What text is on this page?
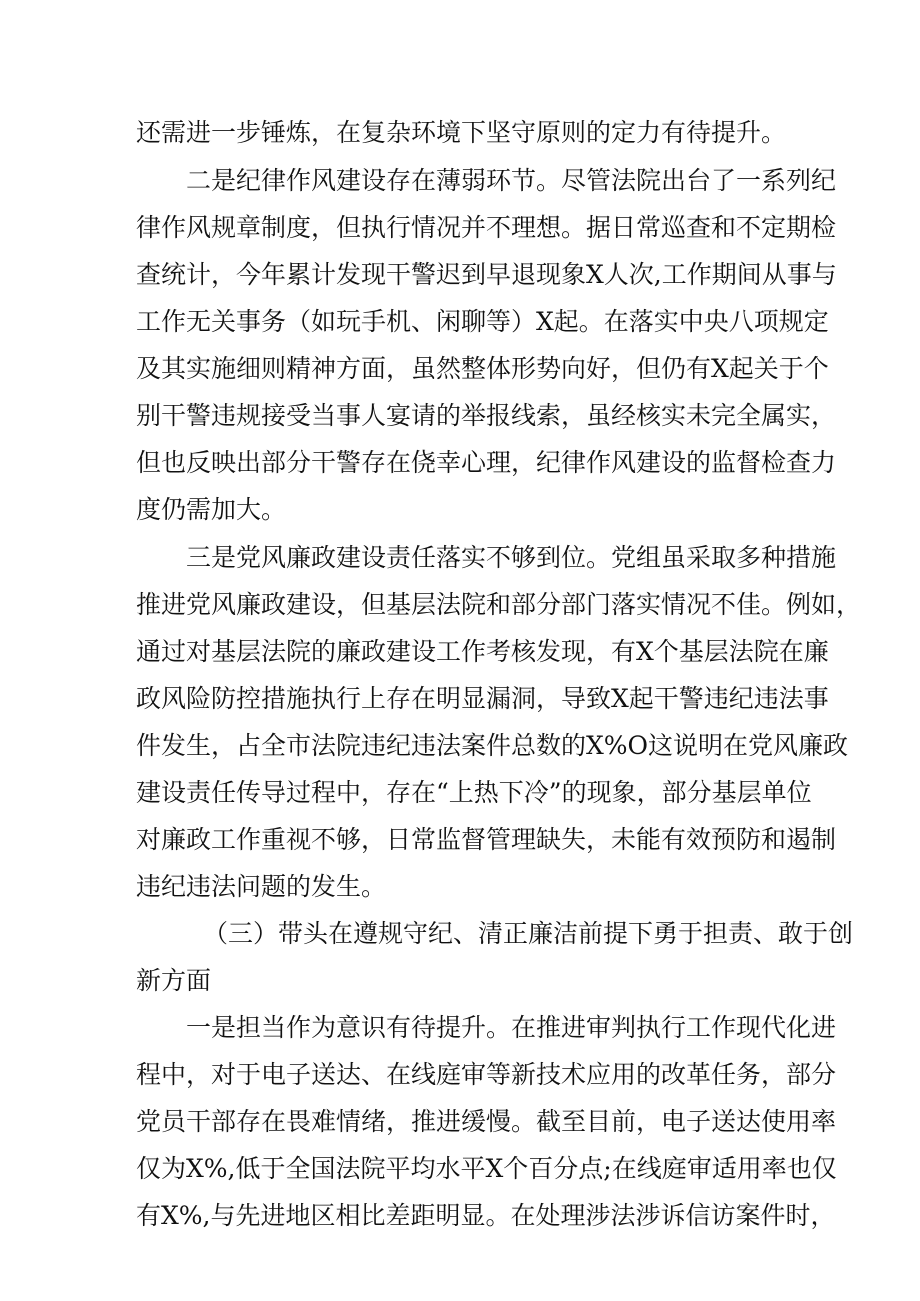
还需进一步锤炼，在复杂环境下坚守原则的定力有待提升。

二是纪律作风建设存在薄弱环节。尽管法院出台了一系列纪

律作风规章制度，但执行情况并不理想。据日常巡查和不定期检

查统计，今年累计发现干警迟到早退现象X人次,工作期间从事与

工作无关事务（如玩手机、闲聊等）X起。在落实中央八项规定

及其实施细则精神方面，虽然整体形势向好，但仍有X起关于个

别干警违规接受当事人宴请的举报线索，虽经核实未完全属实，

但也反映出部分干警存在侥幸心理，纪律作风建设的监督检查力

度仍需加大。

三是党风廉政建设责任落实不够到位。党组虽采取多种措施

推进党风廉政建设，但基层法院和部分部门落实情况不佳。例如，

通过对基层法院的廉政建设工作考核发现，有X个基层法院在廉

政风险防控措施执行上存在明显漏洞，导致X起干警违纪违法事

件发生，占全市法院违纪违法案件总数的X%O这说明在党风廉政

建设责任传导过程中，存在“上热下冷”的现象，部分基层单位

对廉政工作重视不够，日常监督管理缺失，未能有效预防和遏制

违纪违法问题的发生。

（三）带头在遵规守纪、清正廉洁前提下勇于担责、敢于创

新方面

一是担当作为意识有待提升。在推进审判执行工作现代化进

程中，对于电子送达、在线庭审等新技术应用的改革任务，部分

党员干部存在畏难情绪，推进缓慢。截至目前，电子送达使用率

仅为X%,低于全国法院平均水平X个百分点;在线庭审适用率也仅

有X%,与先进地区相比差距明显。在处理涉法涉诉信访案件时，
